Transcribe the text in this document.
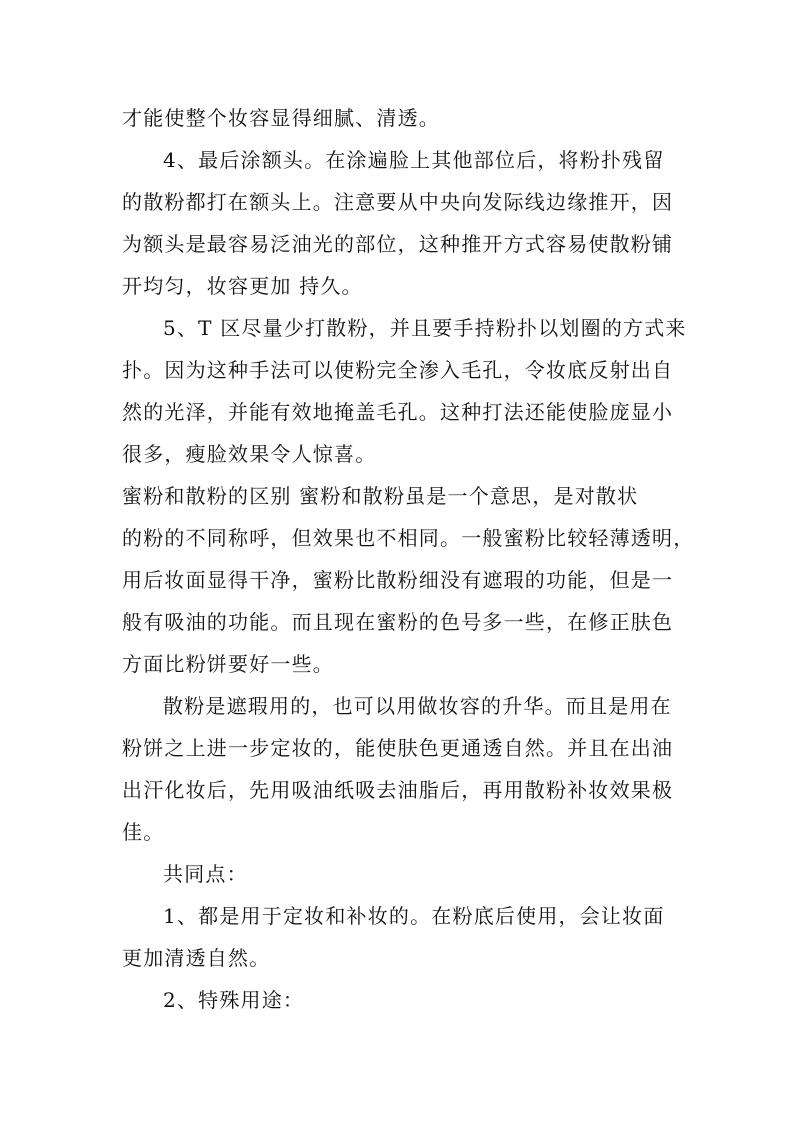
才能使整个妆容显得细腻、清透。
4、最后涂额头。在涂遍脸上其他部位后，将粉扑残留
的散粉都打在额头上。注意要从中央向发际线边缘推开，因
为额头是最容易泛油光的部位，这种推开方式容易使散粉铺
开均匀，妆容更加 持久。
5、T 区尽量少打散粉，并且要手持粉扑以划圈的方式来
扑。因为这种手法可以使粉完全渗入毛孔，令妆底反射出自
然的光泽，并能有效地掩盖毛孔。这种打法还能使脸庞显小
很多，瘦脸效果令人惊喜。
蜜粉和散粉的区别 蜜粉和散粉虽是一个意思，是对散状
的粉的不同称呼，但效果也不相同。一般蜜粉比较轻薄透明，
用后妆面显得干净，蜜粉比散粉细没有遮瑕的功能，但是一
般有吸油的功能。而且现在蜜粉的色号多一些，在修正肤色
方面比粉饼要好一些。
散粉是遮瑕用的，也可以用做妆容的升华。而且是用在
粉饼之上进一步定妆的，能使肤色更通透自然。并且在出油
出汗化妆后，先用吸油纸吸去油脂后，再用散粉补妆效果极
佳。
共同点：
1、都是用于定妆和补妆的。在粉底后使用，会让妆面
更加清透自然。
2、特殊用途：
